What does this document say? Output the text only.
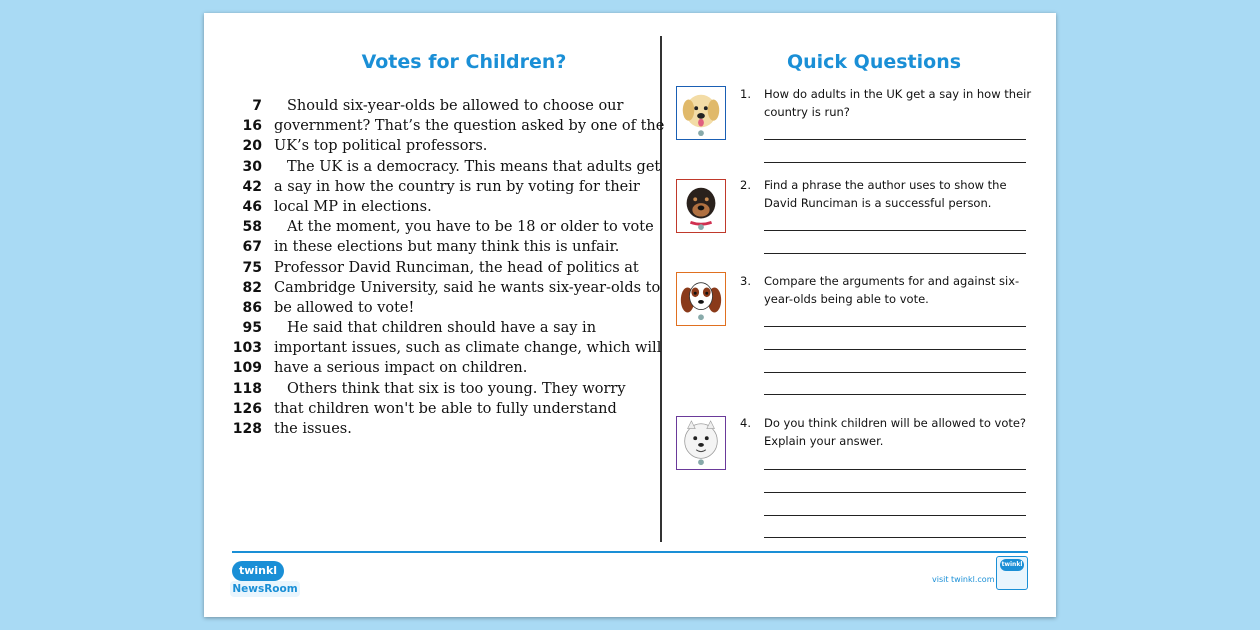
Votes for Children?	Quick Questions
7 Should six-year-olds be allowed to choose our
16 government? That’s the question asked by one of the
20 UK’s top political professors.
30 The UK is a democracy. This means that adults get
42 a say in how the country is run by voting for their
46 local MP in elections.
58 At the moment, you have to be 18 or older to vote
67 in these elections but many think this is unfair.
75 Professor David Runciman, the head of politics at
82 Cambridge University, said he wants six-year-olds to
86 be allowed to vote!
95 He said that children should have a say in
103 important issues, such as climate change, which will
109 have a serious impact on children.
118 Others think that six is too young. They worry
126 that children won't be able to fully understand
128 the issues.
1. How do adults in the UK get a say in how their country is run?
2. Find a phrase the author uses to show the David Runciman is a successful person.
3. Compare the arguments for and against six-year-olds being able to vote.
4. Do you think children will be allowed to vote? Explain your answer.
twinkl
NewsRoom
visit twinkl.com
twinkl
